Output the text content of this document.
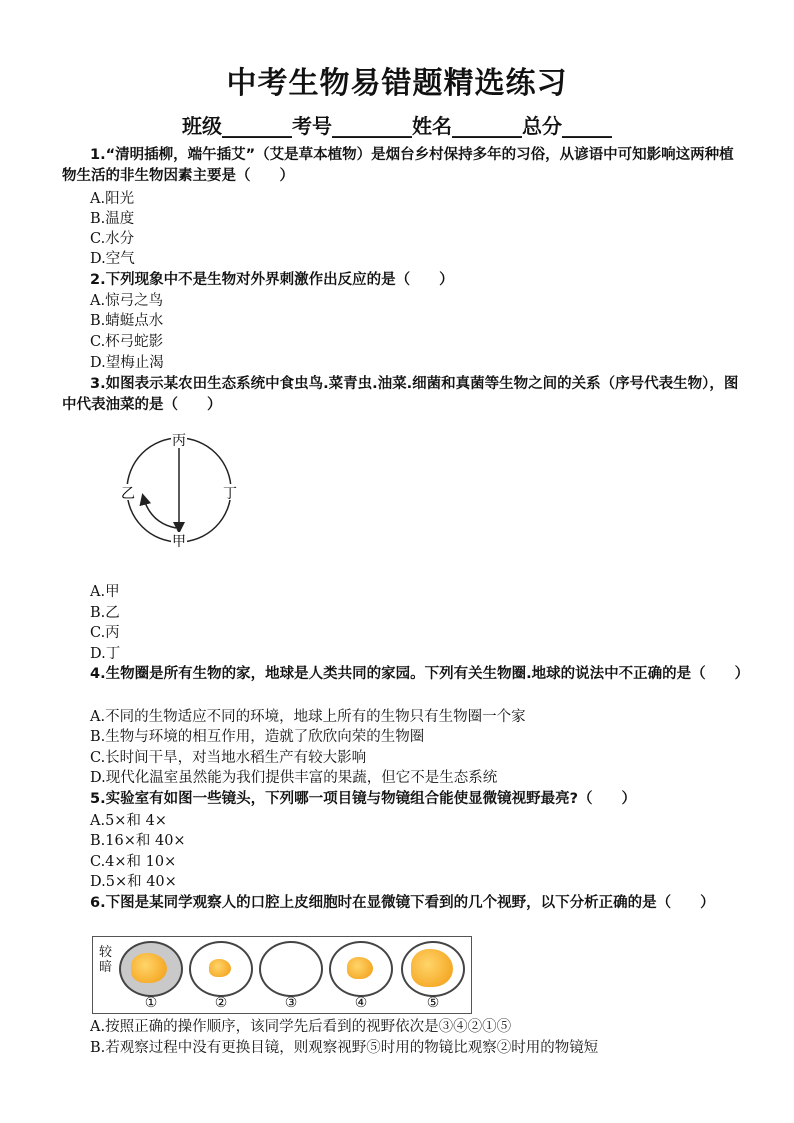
中考生物易错题精选练习
班级_______考号________姓名_______总分_____
1.“清明插柳，端午插艾”（艾是草本植物）是烟台乡村保持多年的习俗，从谚语中可知影响这两种植物生活的非生物因素主要是（　　）
A.阳光
B.温度
C.水分
D.空气
2.下列现象中不是生物对外界刺激作出反应的是（　　）
A.惊弓之鸟
B.蜻蜓点水
C.杯弓蛇影
D.望梅止渴
3.如图表示某农田生态系统中食虫鸟.菜青虫.油菜.细菌和真菌等生物之间的关系（序号代表生物），图中代表油菜的是（　　）
丙
乙	丁
甲
A.甲
B.乙
C.丙
D.丁
4.生物圈是所有生物的家，地球是人类共同的家园。下列有关生物圈.地球的说法中不正确的是（　　）
A.不同的生物适应不同的环境，地球上所有的生物只有生物圈一个家
B.生物与环境的相互作用，造就了欣欣向荣的生物圈
C.长时间干旱，对当地水稻生产有较大影响
D.现代化温室虽然能为我们提供丰富的果蔬，但它不是生态系统
5.实验室有如图一些镜头，下列哪一项目镜与物镜组合能使显微镜视野最亮?（　　）
A.5×和 4×
B.16×和 40×
C.4×和 10×
D.5×和 40×
6.下图是某同学观察人的口腔上皮细胞时在显微镜下看到的几个视野，以下分析正确的是（　　）
较暗
①	②	③	④	⑤
A.按照正确的操作顺序，该同学先后看到的视野依次是③④②①⑤
B.若观察过程中没有更换目镜，则观察视野⑤时用的物镜比观察②时用的物镜短
